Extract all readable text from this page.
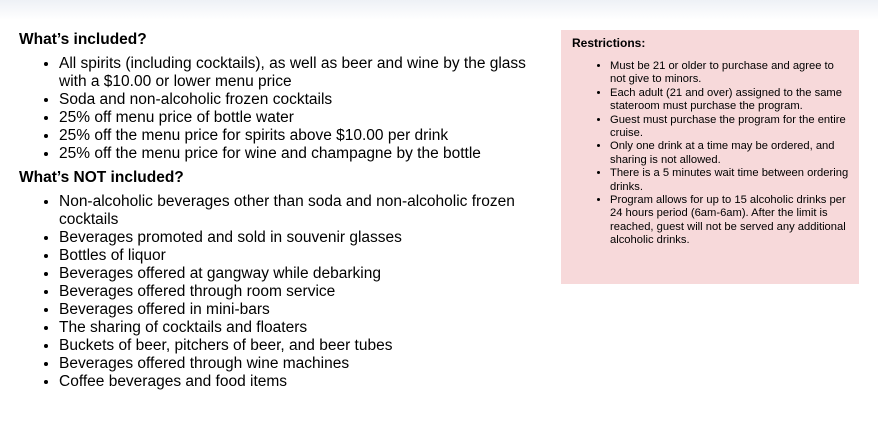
What’s included?
• All spirits (including cocktails), as well as beer and wine by the glass with a $10.00 or lower menu price
• Soda and non-alcoholic frozen cocktails
• 25% off menu price of bottle water
• 25% off the menu price for spirits above $10.00 per drink
• 25% off the menu price for wine and champagne by the bottle
What’s NOT included?
• Non-alcoholic beverages other than soda and non-alcoholic frozen cocktails
• Beverages promoted and sold in souvenir glasses
• Bottles of liquor
• Beverages offered at gangway while debarking
• Beverages offered through room service
• Beverages offered in mini-bars
• The sharing of cocktails and floaters
• Buckets of beer, pitchers of beer, and beer tubes
• Beverages offered through wine machines
• Coffee beverages and food items
Restrictions:
• Must be 21 or older to purchase and agree to not give to minors.
• Each adult (21 and over) assigned to the same stateroom must purchase the program.
• Guest must purchase the program for the entire cruise.
• Only one drink at a time may be ordered, and sharing is not allowed.
• There is a 5 minutes wait time between ordering drinks.
• Program allows for up to 15 alcoholic drinks per 24 hours period (6am-6am). After the limit is reached, guest will not be served any additional alcoholic drinks.
